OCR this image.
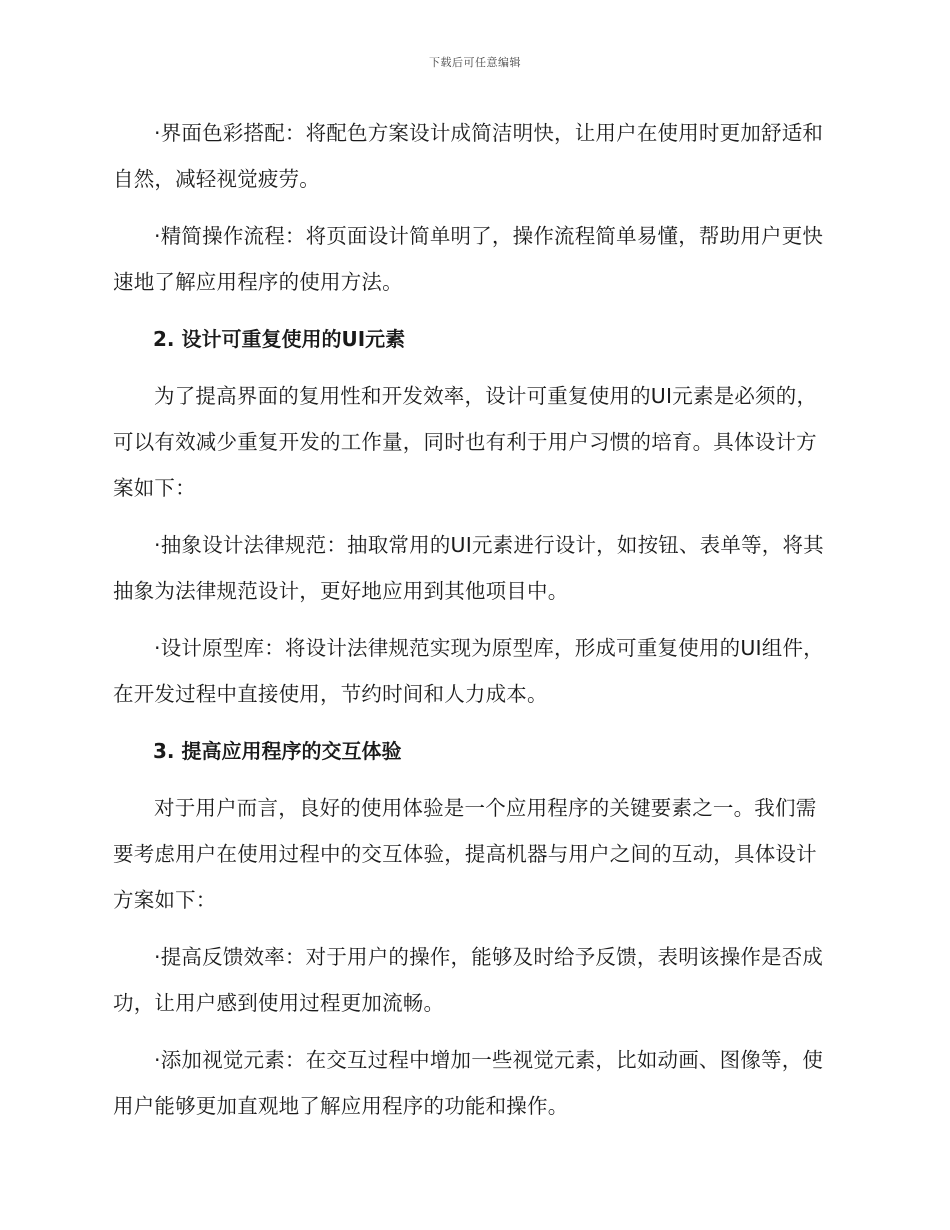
下载后可任意编辑

·界面色彩搭配：将配色方案设计成简洁明快，让用户在使用时更加舒适和自然，减轻视觉疲劳。

·精简操作流程：将页面设计简单明了，操作流程简单易懂，帮助用户更快速地了解应用程序的使用方法。

2. 设计可重复使用的UI元素

为了提高界面的复用性和开发效率，设计可重复使用的UI元素是必须的，可以有效减少重复开发的工作量，同时也有利于用户习惯的培育。具体设计方案如下：

·抽象设计法律规范：抽取常用的UI元素进行设计，如按钮、表单等，将其抽象为法律规范设计，更好地应用到其他项目中。

·设计原型库：将设计法律规范实现为原型库，形成可重复使用的UI组件，在开发过程中直接使用，节约时间和人力成本。

3. 提高应用程序的交互体验

对于用户而言，良好的使用体验是一个应用程序的关键要素之一。我们需要考虑用户在使用过程中的交互体验，提高机器与用户之间的互动，具体设计方案如下：

·提高反馈效率：对于用户的操作，能够及时给予反馈，表明该操作是否成功，让用户感到使用过程更加流畅。

·添加视觉元素：在交互过程中增加一些视觉元素，比如动画、图像等，使用户能够更加直观地了解应用程序的功能和操作。
